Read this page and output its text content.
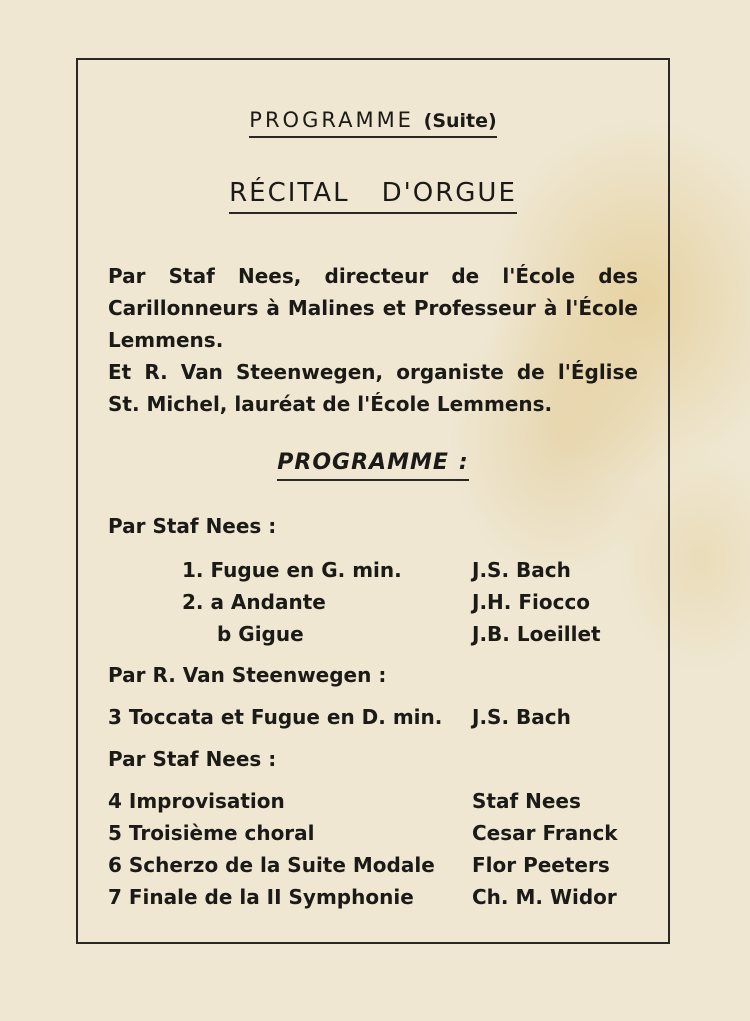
PROGRAMME (Suite)
RÉCITAL D'ORGUE

Par Staf Nees, directeur de l'École des Carillonneurs à Malines et Professeur à l'École Lemmens.

Et R. Van Steenwegen, organiste de l'Église St. Michel, lauréat de l'École Lemmens.

PROGRAMME :
Par Staf Nees :
1. Fugue en G. min.	J.S. Bach
2. a Andante	J.H. Fiocco
b Gigue	J.B. Loeillet
Par R. Van Steenwegen :
3 Toccata et Fugue en D. min. J.S. Bach
Par Staf Nees :
4 Improvisation	Staf Nees
5 Troisième choral	Cesar Franck
6 Scherzo de la Suite Modale Flor Peeters
7 Finale de la II Symphonie	Ch. M. Widor
